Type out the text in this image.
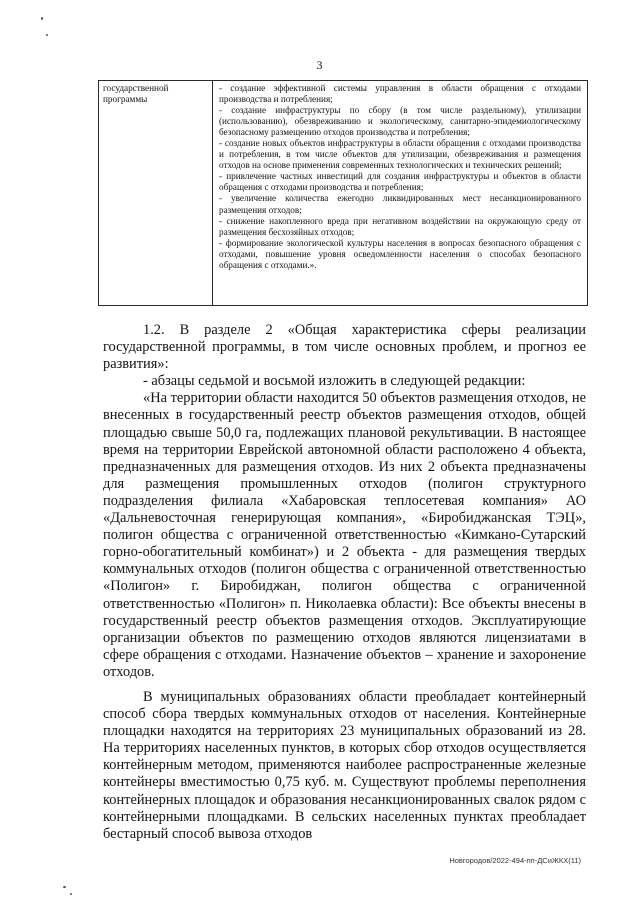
3
государственной программы

- создание эффективной системы управления в области обращения с отходами производства и потребления;

- создание инфраструктуры по сбору (в том числе раздельному), утилизации (использованию), обезвреживанию и экологическому, санитарно-эпидемиологическому безопасному размещению отходов производства и потребления;

- создание новых объектов инфраструктуры в области обращения с отходами производства и потребления, в том числе объектов для утилизации, обезвреживания и размещения отходов на основе применения современных технологических и технических решений;

- привлечение частных инвестиций для создания инфраструктуры и объектов в области обращения с отходами производства и потребления;

- увеличение количества ежегодно ликвидированных мест несанкционированного размещения отходов;

- снижение накопленного вреда при негативном воздействии на окружающую среду от размещения бесхозяйных отходов;

- формирование экологической культуры населения в вопросах безопасного обращения с отходами, повышение уровня осведомленности населения о способах безопасного обращения с отходами.».

1.2. В разделе 2 «Общая характеристика сферы реализации государственной программы, в том числе основных проблем, и прогноз ее развития»:

- абзацы седьмой и восьмой изложить в следующей редакции:

«На территории области находится 50 объектов размещения отходов, не внесенных в государственный реестр объектов размещения отходов, общей площадью свыше 50,0 га, подлежащих плановой рекультивации. В настоящее время на территории Еврейской автономной области расположено 4 объекта, предназначенных для размещения отходов. Из них 2 объекта предназначены для размещения промышленных отходов (полигон структурного подразделения филиала «Хабаровская теплосетевая компания» АО «Дальневосточная генерирующая компания», «Биробиджанская ТЭЦ», полигон общества с ограниченной ответственностью «Кимкано-Сутарский горно-обогатительный комбинат») и 2 объекта - для размещения твердых коммунальных отходов (полигон общества с ограниченной ответственностью «Полигон» г. Биробиджан, полигон общества с ограниченной ответственностью «Полигон» п. Николаевка области): Все объекты внесены в государственный реестр объектов размещения отходов. Эксплуатирующие организации объектов по размещению отходов являются лицензиатами в сфере обращения с отходами. Назначение объектов – хранение и захоронение отходов.

В муниципальных образованиях области преобладает контейнерный способ сбора твердых коммунальных отходов от населения. Контейнерные площадки находятся на территориях 23 муниципальных образований из 28. На территориях населенных пунктов, в которых сбор отходов осуществляется контейнерным методом, применяются наиболее распространенные железные контейнеры вместимостью 0,75 куб. м. Существуют проблемы переполнения контейнерных площадок и образования несанкционированных свалок рядом с контейнерными площадками. В сельских населенных пунктах преобладает бестарный способ вывоза отходов

Новгородов/2022-494-пп-ДСиЖКХ(11)
